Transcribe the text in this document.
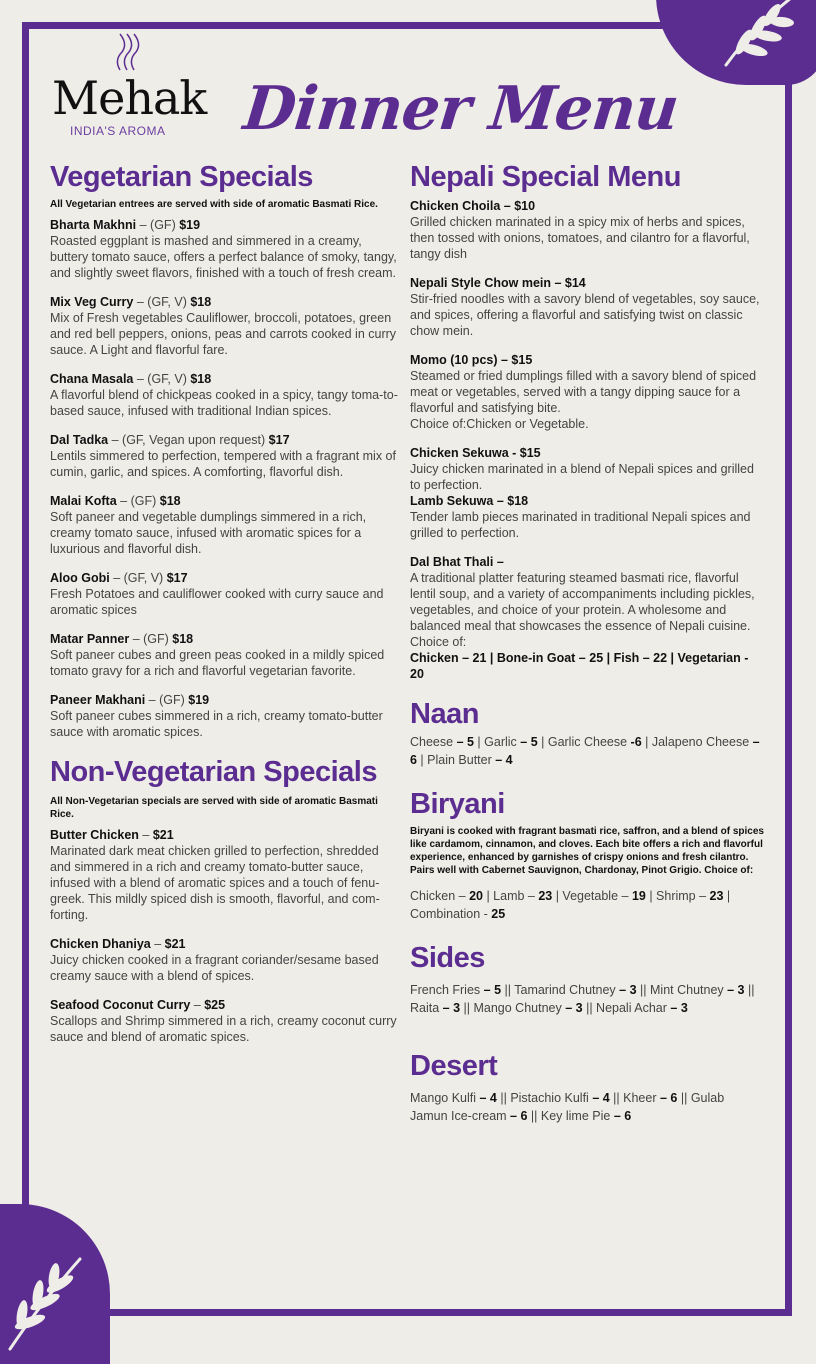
Mehak
INDIA'S AROMA Dinner Menu
Vegetarian Specials
All Vegetarian entrees are served with side of aromatic Basmati Rice.
Bharta Makhni – (GF) $19
Roasted eggplant is mashed and simmered in a creamy, buttery tomato sauce, offers a perfect balance of smoky, tangy, and slightly sweet flavors, finished with a touch of fresh cream.
Mix Veg Curry – (GF, V) $18
Mix of Fresh vegetables Cauliflower, broccoli, potatoes, green and red bell peppers, onions, peas and carrots cooked in curry sauce. A Light and flavorful fare.
Chana Masala – (GF, V) $18
A flavorful blend of chickpeas cooked in a spicy, tangy toma-to-based sauce, infused with traditional Indian spices.
Dal Tadka – (GF, Vegan upon request) $17
Lentils simmered to perfection, tempered with a fragrant mix of cumin, garlic, and spices. A comforting, flavorful dish.
Malai Kofta – (GF) $18
Soft paneer and vegetable dumplings simmered in a rich, creamy tomato sauce, infused with aromatic spices for a luxurious and flavorful dish.
Aloo Gobi – (GF, V) $17
Fresh Potatoes and cauliflower cooked with curry sauce and aromatic spices
Matar Panner – (GF) $18
Soft paneer cubes and green peas cooked in a mildly spiced tomato gravy for a rich and flavorful vegetarian favorite.
Paneer Makhani – (GF) $19
Soft paneer cubes simmered in a rich, creamy tomato-butter sauce with aromatic spices.
Non-Vegetarian Specials
All Non-Vegetarian specials are served with side of aromatic Basmati Rice.
Butter Chicken – $21
Marinated dark meat chicken grilled to perfection, shredded and simmered in a rich and creamy tomato-butter sauce, infused with a blend of aromatic spices and a touch of fenu-greek. This mildly spiced dish is smooth, flavorful, and com-forting.
Chicken Dhaniya – $21
Juicy chicken cooked in a fragrant coriander/sesame based creamy sauce with a blend of spices.
Seafood Coconut Curry – $25
Scallops and Shrimp simmered in a rich, creamy coconut curry sauce and blend of aromatic spices.
Nepali Special Menu
Chicken Choila – $10
Grilled chicken marinated in a spicy mix of herbs and spices, then tossed with onions, tomatoes, and cilantro for a flavorful, tangy dish
Nepali Style Chow mein – $14
Stir-fried noodles with a savory blend of vegetables, soy sauce, and spices, offering a flavorful and satisfying twist on classic chow mein.
Momo (10 pcs) – $15
Steamed or fried dumplings filled with a savory blend of spiced meat or vegetables, served with a tangy dipping sauce for a flavorful and satisfying bite.
Choice of:Chicken or Vegetable.
Chicken Sekuwa - $15
Juicy chicken marinated in a blend of Nepali spices and grilled to perfection.
Lamb Sekuwa – $18
Tender lamb pieces marinated in traditional Nepali spices and grilled to perfection.
Dal Bhat Thali –
A traditional platter featuring steamed basmati rice, flavorful lentil soup, and a variety of accompaniments including pickles, vegetables, and choice of your protein. A wholesome and balanced meal that showcases the essence of Nepali cuisine.
Choice of:
Chicken – 21 | Bone-in Goat – 25 | Fish – 22 | Vegetarian - 20
Naan
Cheese – 5 | Garlic – 5 | Garlic Cheese -6 | Jalapeno Cheese – 6 | Plain Butter – 4
Biryani
Biryani is cooked with fragrant basmati rice, saffron, and a blend of spices like cardamom, cinnamon, and cloves. Each bite offers a rich and flavorful experience, enhanced by garnishes of crispy onions and fresh cilantro. Pairs well with Cabernet Sauvignon, Chardonay, Pinot Grigio. Choice of:
Chicken – 20 | Lamb – 23 | Vegetable – 19 | Shrimp – 23 | Combination - 25
Sides
French Fries – 5 || Tamarind Chutney – 3 || Mint Chutney – 3 || Raita – 3 || Mango Chutney – 3 || Nepali Achar – 3
Desert
Mango Kulfi – 4 || Pistachio Kulfi – 4 || Kheer – 6 || Gulab Jamun Ice-cream – 6 || Key lime Pie – 6
